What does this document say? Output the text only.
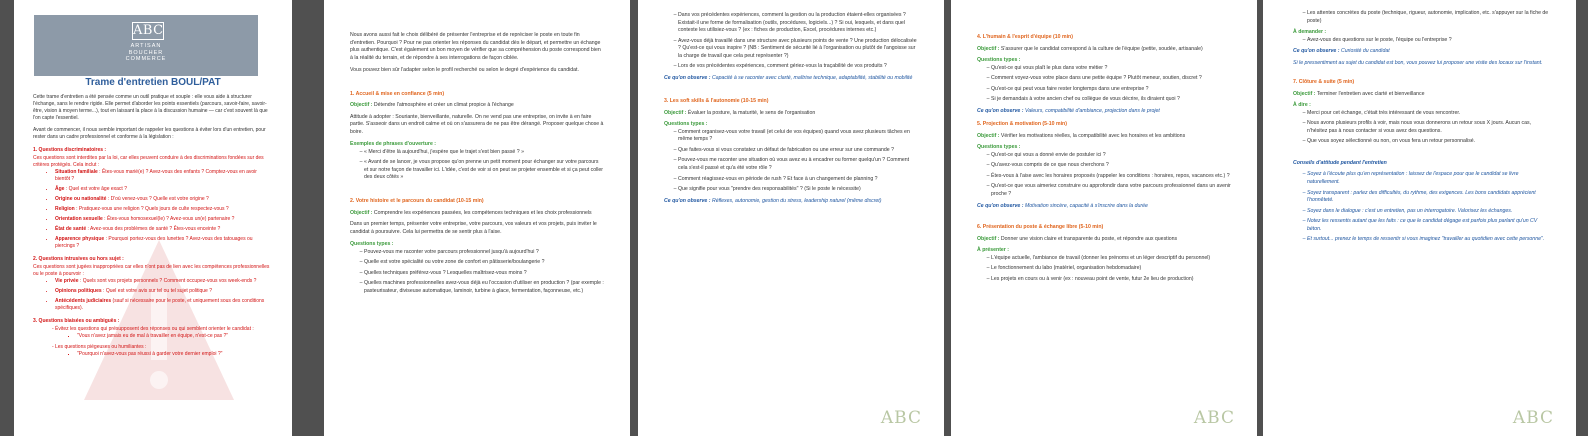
ABC
ARTISAN
BOUCHER
COMMERCE
Trame d'entretien BOUL/PAT

Cette trame d'entretien a été pensée comme un outil pratique et souple : elle vous aide à structurer l'échange, sans le rendre rigide. Elle permet d'aborder les points essentiels (parcours, savoir-faire, savoir-être, vision à moyen terme...), tout en laissant la place à la discussion humaine — car c'est souvent là que l'on capte l'essentiel.

Avant de commencer, il nous semble important de rappeler les questions à éviter lors d'un entretien, pour rester dans un cadre professionnel et conforme à la législation :

1. Questions discriminatoires :
Ces questions sont interdites par la loi, car elles peuvent conduire à des discriminations fondées sur des critères protégés. Cela inclut :
• Situation familiale : Êtes-vous marié(e) ? Avez-vous des enfants ? Comptez-vous en avoir bientôt ?
• Âge : Quel est votre âge exact ?
• Origine ou nationalité : D'où venez-vous ? Quelle est votre origine ?
• Religion : Pratiquez-vous une religion ? Quels jours de culte respectez-vous ?
• Orientation sexuelle : Êtes-vous homosexuel(le) ? Avez-vous un(e) partenaire ?
• État de santé : Avez-vous des problèmes de santé ? Êtes-vous enceinte ?
• Apparence physique : Pourquoi portez-vous des lunettes ? Avez-vous des tatouages ou piercings ?
2. Questions intrusives ou hors sujet :
Ces questions sont jugées inappropriées car elles n'ont pas de lien avec les compétences professionnelles ou le poste à pourvoir :
• Vie privée : Quels sont vos projets personnels ? Comment occupez-vous vos week-ends ?
• Opinions politiques : Quel est votre avis sur tel ou tel sujet politique ?
• Antécédents judiciaires (sauf si nécessaire pour le poste, et uniquement sous des conditions spécifiques).
3. Questions biaisées ou ambiguës :
- Évitez les questions qui présupposent des réponses ou qui semblent orienter le candidat :
▪ "Vous n'avez jamais eu de mal à travailler en équipe, n'est-ce pas ?"
- Les questions piégeuses ou humiliantes :
▪ "Pourquoi n'avez-vous pas réussi à garder votre dernier emploi ?"

Nous avons aussi fait le choix délibéré de présenter l'entreprise et de repréciser le poste en toute fin d'entretien. Pourquoi ? Pour ne pas orienter les réponses du candidat dès le départ, et permettre un échange plus authentique. C'est également un bon moyen de vérifier que sa compréhension du poste correspond bien à la réalité du terrain, et de répondre à ses interrogations de façon ciblée.

Vous pouvez bien sûr l'adapter selon le profil recherché ou selon le degré d'expérience du candidat.

1. Accueil & mise en confiance (5 min)

Objectif : Détendre l'atmosphère et créer un climat propice à l'échange

Attitude à adopter : Souriante, bienveillante, naturelle. On ne vend pas une entreprise, on invite à en faire partie. S'asseoir dans un endroit calme et où on s'assurera de ne pas être dérangé. Proposer quelque chose à boire.

Exemples de phrases d'ouverture :
– « Merci d'être là aujourd'hui, j'espère que le trajet s'est bien passé ? »
– « Avant de se lancer, je vous propose qu'on prenne un petit moment pour échanger sur votre parcours et sur notre façon de travailler ici. L'idée, c'est de voir si on peut se projeter ensemble et si ça peut coller des deux côtés »
2. Votre histoire et le parcours du candidat (10-15 min)

Objectif : Comprendre les expériences passées, les compétences techniques et les choix professionnels

Dans un premier temps, présenter votre entreprise, votre parcours, vos valeurs et vos projets, puis inviter le candidat à poursuivre. Cela lui permettra de se sentir plus à l'aise.

Questions types :
– Pouvez-vous me raconter votre parcours professionnel jusqu'à aujourd'hui ?
– Quelle est votre spécialité ou votre zone de confort en pâtisserie/boulangerie ?
– Quelles techniques préférez-vous ? Lesquelles maîtrisez-vous moins ?
– Quelles machines professionnelles avez-vous déjà eu l'occasion d'utiliser en production ? (par exemple : pasteurisateur, diviseuse automatique, laminoir, turbine à glace, fermentation, façonneuse, etc.)
– Dans vos précédentes expériences, comment la gestion ou la production étaient-elles organisées ? Existait-il une forme de formalisation (outils, procédures, logiciels...) ? Si oui, lesquels, et dans quel contexte les utilisiez-vous ? (ex : fiches de production, Excel, procédures internes etc.)
– Avez-vous déjà travaillé dans une structure avec plusieurs points de vente ? Une production délocalisée ? Qu'est-ce qui vous inspire ? (NB : Sentiment de sécurité lié à l'organisation ou plutôt de l'angoisse sur la charge de travail que cela peut représenter ?)
– Lors de vos précédentes expériences, comment gériez-vous la traçabilité de vos produits ?

Ce qu'on observe : Capacité à se raconter avec clarté, maîtrise technique, adaptabilité, stabilité ou mobilité

3. Les soft skills & l'autonomie (10-15 min)

Objectif : Évaluer la posture, la maturité, le sens de l'organisation

Questions types :
– Comment organisez-vous votre travail (et celui de vos équipes) quand vous avez plusieurs tâches en même temps ?
– Que faites-vous si vous constatez un défaut de fabrication ou une erreur sur une commande ?
– Pouvez-vous me raconter une situation où vous avez eu à encadrer ou former quelqu'un ? Comment cela s'est-il passé et qu'a été votre rôle ?
– Comment réagissez-vous en période de rush ? Et face à un changement de planning ?
– Que signifie pour vous "prendre des responsabilités" ? (Si le poste le nécessite)

Ce qu'on observe : Réflexes, autonomie, gestion du stress, leadership naturel (même discret)

ABC
4. L'humain & l'esprit d'équipe (10 min)

Objectif : S'assurer que le candidat correspond à la culture de l'équipe (petite, soudée, artisanale)

Questions types :
– Qu'est-ce qui vous plaît le plus dans votre métier ?
– Comment voyez-vous votre place dans une petite équipe ? Plutôt meneur, soutien, discret ?
– Qu'est-ce qui peut vous faire rester longtemps dans une entreprise ?
– Si je demandais à votre ancien chef ou collègue de vous décrire, ils diraient quoi ?

Ce qu'on observe : Valeurs, compatibilité d'ambiance, projection dans le projet

5. Projection & motivation (5-10 min)

Objectif : Vérifier les motivations réelles, la compatibilité avec les horaires et les ambitions

Questions types :
– Qu'est-ce qui vous a donné envie de postuler ici ?
– Qu'avez-vous compris de ce que nous cherchons ?
– Êtes-vous à l'aise avec les horaires proposés (rappeler les conditions : horaires, repos, vacances etc.) ?
– Qu'est-ce que vous aimeriez construire ou approfondir dans votre parcours professionnel dans un avenir proche ?

Ce qu'on observe : Motivation sincère, capacité à s'inscrire dans la durée

6. Présentation du poste & échange libre (5-10 min)

Objectif : Donner une vision claire et transparente du poste, et répondre aux questions

À présenter :
– L'équipe actuelle, l'ambiance de travail (donner les prénoms et un léger descriptif du personnel)
– Le fonctionnement du labo (matériel, organisation hebdomadaire)
– Les projets en cours ou à venir (ex : nouveau point de vente, futur 2e lieu de production)
ABC
– Les attentes concrètes du poste (technique, rigueur, autonomie, implication, etc. s'appuyer sur la fiche de poste)
À demander :
– Avez-vous des questions sur le poste, l'équipe ou l'entreprise ?

Ce qu'on observe : Curiosité du candidat

Si le pressentiment au sujet du candidat est bon, vous pouvez lui proposer une visite des locaux sur l'instant.

7. Clôture & suite (5 min)

Objectif : Terminer l'entretien avec clarté et bienveillance

À dire :
– Merci pour cet échange, c'était très intéressant de vous rencontrer.
– Nous avons plusieurs profils à voir, mais nous vous donnerons un retour sous X jours. Aucun cas, n'hésitez pas à nous contacter si vous avez des questions.
– Que vous soyez sélectionné ou non, on vous fera un retour personnalisé.
Conseils d'attitude pendant l'entretien
– Soyez à l'écoute plus qu'en représentation : laissez de l'espace pour que le candidat se livre naturellement.
– Soyez transparent : parlez des difficultés, du rythme, des exigences. Les bons candidats apprécient l'honnêteté.
– Soyez dans le dialogue : c'est un entretien, pas un interrogatoire. Valorisez les échanges.
– Notez les ressentis autant que les faits : ce que le candidat dégage est parfois plus parlant qu'un CV béton.
– Et surtout... prenez le temps de ressentir si vous imaginez "travailler au quotidien avec cette personne".
ABC
